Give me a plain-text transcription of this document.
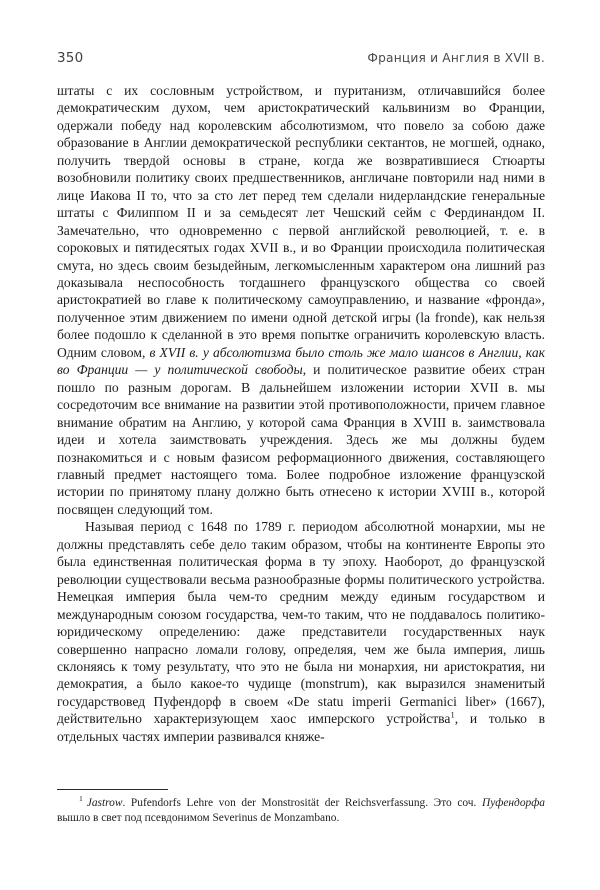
350	Франция и Англия в XVII в.

штаты с их сословным устройством, и пуританизм, отличавшийся более демократическим духом, чем аристократический кальвинизм во Франции, одержали победу над королевским абсолютизмом, что повело за собою даже образование в Англии демократической республики сектантов, не могшей, однако, получить твердой основы в стране, когда же возвратившиеся Стюарты возобновили политику своих предшественников, англичане повторили над ними в лице Иакова II то, что за сто лет перед тем сделали нидерландские генеральные штаты с Филиппом II и за семьдесят лет Чешский сейм с Фердинандом II. Замечательно, что одновременно с первой английской революцией, т. е. в сороковых и пятидесятых годах XVII в., и во Франции происходила политическая смута, но здесь своим безыдейным, легкомысленным характером она лишний раз доказывала неспособность тогдашнего французского общества со своей аристократией во главе к политическому самоуправлению, и название «фронда», полученное этим движением по имени одной детской игры (la fronde), как нельзя более подошло к сделанной в это время попытке ограничить королевскую власть. Одним словом, в XVII в. у абсолютизма было столь же мало шансов в Англии, как во Франции — у политической свободы, и политическое развитие обеих стран пошло по разным дорогам. В дальнейшем изложении истории XVII в. мы сосредоточим все внимание на развитии этой противоположности, причем главное внимание обратим на Англию, у которой сама Франция в XVIII в. заимствовала идеи и хотела заимствовать учреждения. Здесь же мы должны будем познакомиться и с новым фазисом реформационного движения, составляющего главный предмет настоящего тома. Более подробное изложение французской истории по принятому плану должно быть отнесено к истории XVIII в., которой посвящен следующий том.

Называя период с 1648 по 1789 г. периодом абсолютной монархии, мы не должны представлять себе дело таким образом, чтобы на континенте Европы это была единственная политическая форма в ту эпоху. Наоборот, до французской революции существовали весьма разнообразные формы политического устройства. Немецкая империя была чем-то средним между единым государством и международным союзом государства, чем-то таким, что не поддавалось политико-юридическому определению: даже представители государственных наук совершенно напрасно ломали голову, определяя, чем же была империя, лишь склоняясь к тому результату, что это не была ни монархия, ни аристократия, ни демократия, а было какое-то чудище (monstrum), как выразился знаменитый государствовед Пуфендорф в своем «De statu imperii Germanici liber» (1667), действительно характеризующем хаос имперского устройства$^1$, и только в отдельных частях империи развивался княже-

$^1$ Jastrow. Pufendorfs Lehre von der Monstrosität der Reichsverfassung. Это соч. Пуфендорфа вышло в свет под псевдонимом Severinus de Monzambano.
